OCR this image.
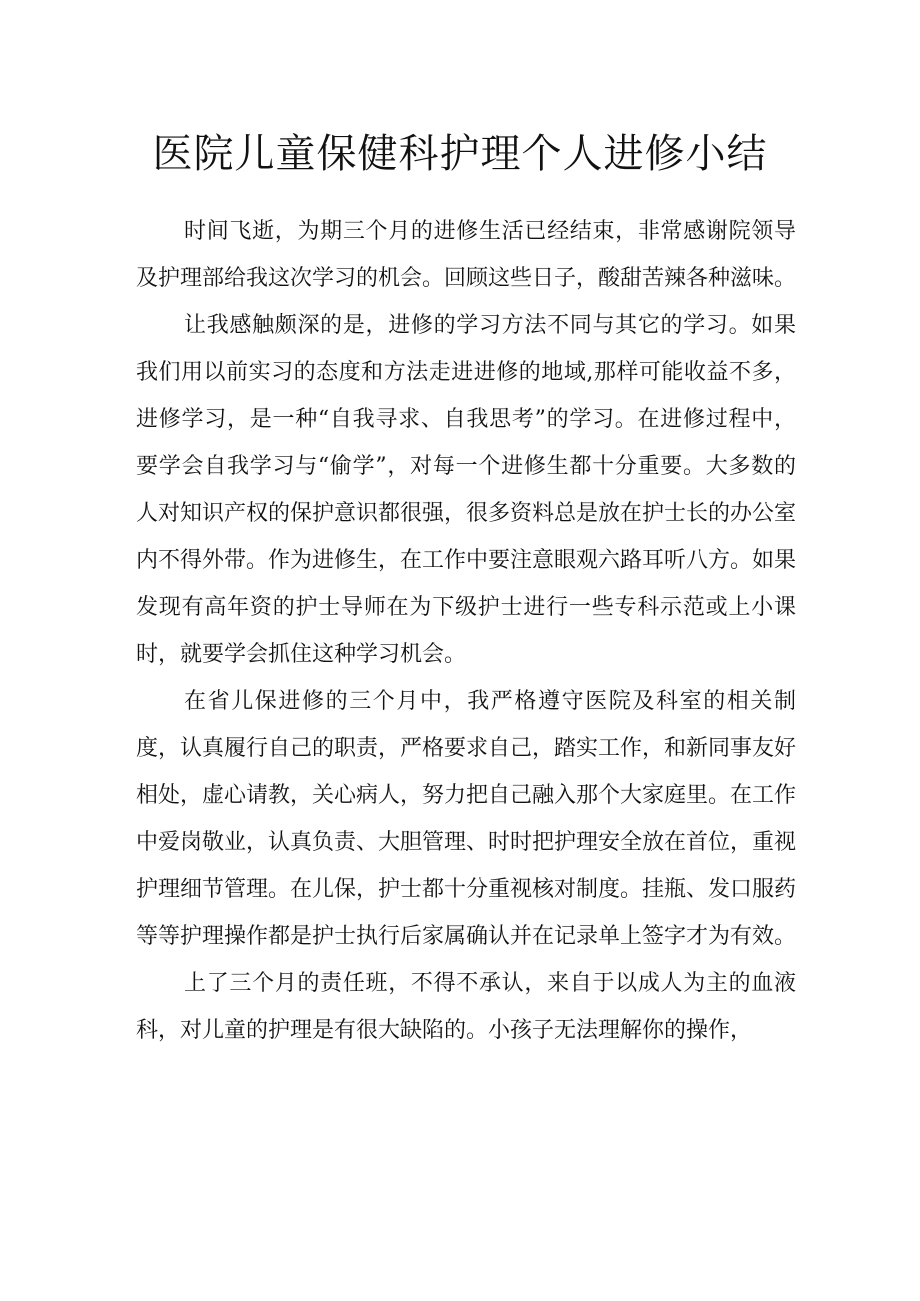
医院儿童保健科护理个人进修小结

时间飞逝，为期三个月的进修生活已经结束，非常感谢院领导及护理部给我这次学习的机会。回顾这些日子，酸甜苦辣各种滋味。

让我感触颇深的是，进修的学习方法不同与其它的学习。如果我们用以前实习的态度和方法走进进修的地域,那样可能收益不多，进修学习，是一种“自我寻求、自我思考”的学习。在进修过程中，要学会自我学习与“偷学”，对每一个进修生都十分重要。大多数的人对知识产权的保护意识都很强，很多资料总是放在护士长的办公室内不得外带。作为进修生，在工作中要注意眼观六路耳听八方。如果发现有高年资的护士导师在为下级护士进行一些专科示范或上小课时，就要学会抓住这种学习机会。

在省儿保进修的三个月中，我严格遵守医院及科室的相关制度，认真履行自己的职责，严格要求自己，踏实工作，和新同事友好相处，虚心请教，关心病人，努力把自己融入那个大家庭里。在工作中爱岗敬业，认真负责、大胆管理、时时把护理安全放在首位，重视护理细节管理。在儿保，护士都十分重视核对制度。挂瓶、发口服药等等护理操作都是护士执行后家属确认并在记录单上签字才为有效。

上了三个月的责任班，不得不承认，来自于以成人为主的血液科，对儿童的护理是有很大缺陷的。小孩子无法理解你的操作，
